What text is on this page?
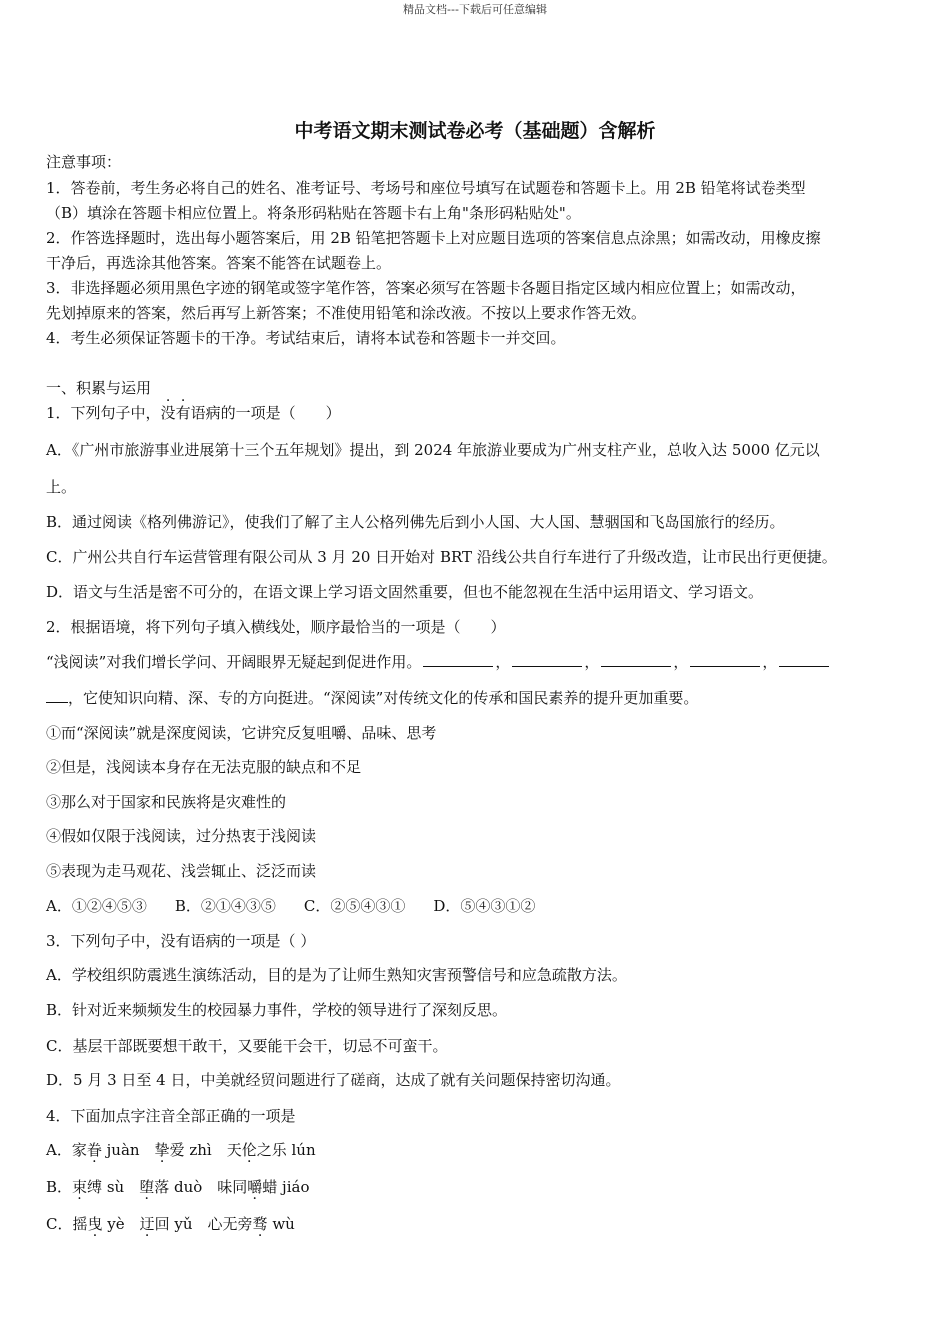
精品文档---下载后可任意编辑
中考语文期末测试卷必考（基础题）含解析
注意事项：
1．答卷前，考生务必将自己的姓名、准考证号、考场号和座位号填写在试题卷和答题卡上。用 2B 铅笔将试卷类型
（B）填涂在答题卡相应位置上。将条形码粘贴在答题卡右上角"条形码粘贴处"。
2．作答选择题时，选出每小题答案后，用 2B 铅笔把答题卡上对应题目选项的答案信息点涂黑；如需改动，用橡皮擦
干净后，再选涂其他答案。答案不能答在试题卷上。
3．非选择题必须用黑色字迹的钢笔或签字笔作答，答案必须写在答题卡各题目指定区域内相应位置上；如需改动，
先划掉原来的答案，然后再写上新答案；不准使用铅笔和涂改液。不按以上要求作答无效。
4．考生必须保证答题卡的干净。考试结束后，请将本试卷和答题卡一并交回。
一、积累与运用
1．下列句子中，没有语病的一项是（　　）
A．《广州市旅游事业进展第十三个五年规划》提出，到 2024 年旅游业要成为广州支柱产业，总收入达 5000 亿元以
上。
B．通过阅读《格列佛游记》，使我们了解了主人公格列佛先后到小人国、大人国、慧骃国和飞岛国旅行的经历。
C．广州公共自行车运营管理有限公司从 3 月 20 日开始对 BRT 沿线公共自行车进行了升级改造，让市民出行更便捷。
D．语文与生活是密不可分的，在语文课上学习语文固然重要，但也不能忽视在生活中运用语文、学习语文。
2．根据语境，将下列句子填入横线处，顺序最恰当的一项是（　　）
“浅阅读”对我们增长学问、开阔眼界无疑起到促进作用。	，	，	，	，
，它使知识向精、深、专的方向挺进。“深阅读”对传统文化的传承和国民素养的提升更加重要。
①而“深阅读”就是深度阅读，它讲究反复咀嚼、品味、思考
②但是，浅阅读本身存在无法克服的缺点和不足
③那么对于国家和民族将是灾难性的
④假如仅限于浅阅读，过分热衷于浅阅读
⑤表现为走马观花、浅尝辄止、泛泛而读
A．①②④⑤③ B．②①④③⑤ C．②⑤④③① D．⑤④③①②
3．下列句子中，没有语病的一项是（ ）
A．学校组织防震逃生演练活动，目的是为了让师生熟知灾害预警信号和应急疏散方法。
B．针对近来频频发生的校园暴力事件，学校的领导进行了深刻反思。
C．基层干部既要想干敢干，又要能干会干，切忌不可蛮干。
D．5 月 3 日至 4 日，中美就经贸问题进行了磋商，达成了就有关问题保持密切沟通。
4．下面加点字注音全部正确的一项是
A．家眷 juàn　挚爱 zhì　天伦之乐 lún
B．束缚 sù　堕落 duò　味同嚼蜡 jiáo
C．摇曳 yè　迂回 yǔ　心无旁骛 wù
